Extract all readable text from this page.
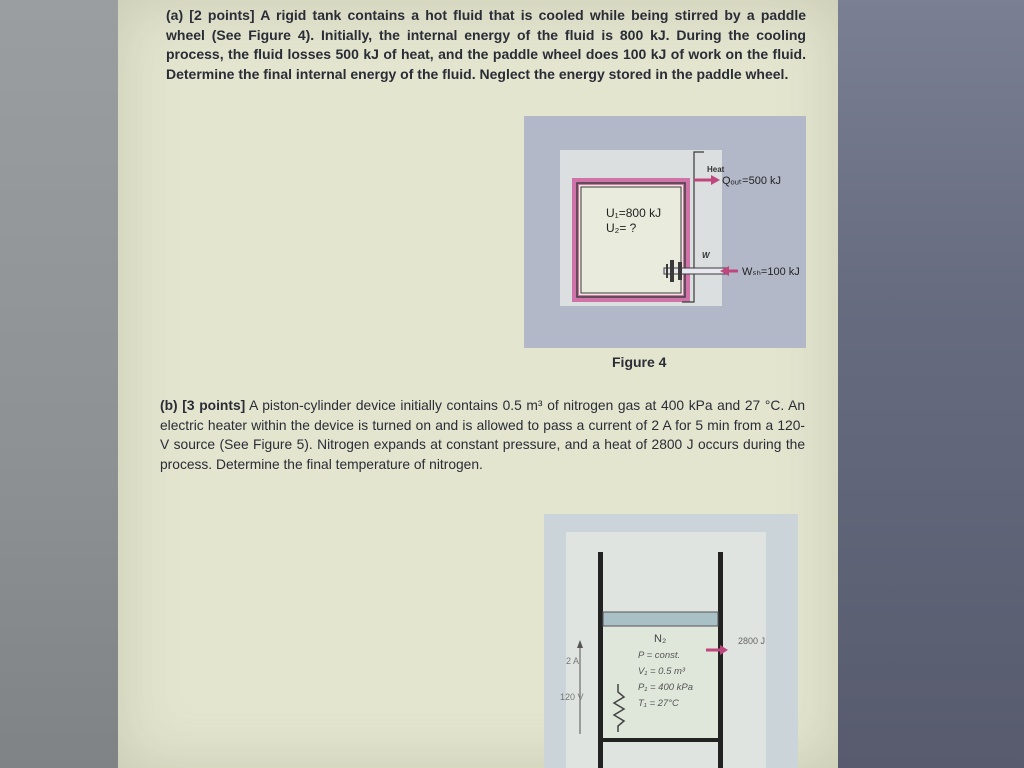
(a) [2 points] A rigid tank contains a hot fluid that is cooled while being stirred by a paddle wheel (See Figure 4). Initially, the internal energy of the fluid is 800 kJ. During the cooling process, the fluid losses 500 kJ of heat, and the paddle wheel does 100 kJ of work on the fluid. Determine the final internal energy of the fluid. Neglect the energy stored in the paddle wheel.

U₁=800 kJ
U₂= ?
Heat
Qₒᵤₜ=500 kJ
W
Wₛₕ=100 kJ
Figure 4

(b) [3 points] A piston-cylinder device initially contains 0.5 m³ of nitrogen gas at 400 kPa and 27 °C. An electric heater within the device is turned on and is allowed to pass a current of 2 A for 5 min from a 120-V source (See Figure 5). Nitrogen expands at constant pressure, and a heat of 2800 J occurs during the process. Determine the final temperature of nitrogen.

N₂
P = const.
V₁ = 0.5 m³
P₁ = 400 kPa
T₁ = 27°C
2 A
120 V
2800 J
